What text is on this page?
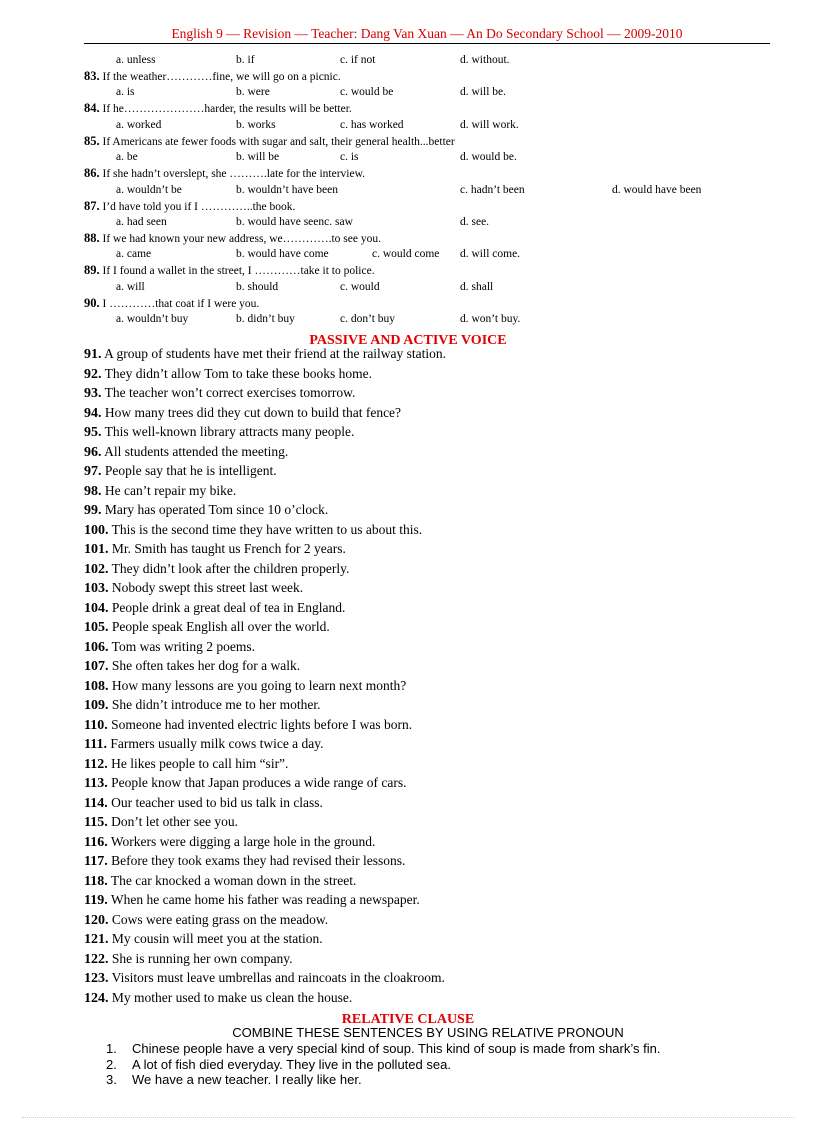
English 9 — Revision — Teacher: Dang Van Xuan — An Do Secondary School — 2009-2010
a. unless	b. if	c. if not	d. without.
83. If the weather…………fine, we will go on a picnic.
a. is	b. were	c. would be	d. will be.
84. If he…………………harder, the results will be better.
a. worked	b. works	c. has worked	d. will work.
85. If Americans ate fewer foods with sugar and salt, their general health...better
a. be	b. will be	c. is	d. would be.
86. If she hadn’t overslept, she ……….late for the interview.
a. wouldn’t be	b. wouldn’t have been	c. hadn’t been	d. would have been
87. I’d have told you if I …………..the book.
a. had seen	b. would have seenc. saw	d. see.
88. If we had known your new address, we………….to see you.
a. came	b. would have come	c. would come d. will come.
89. If I found a wallet in the street, I …………take it to police.
a. will	b. should	c. would	d. shall
90. I …………that coat if I were you.
a. wouldn’t buy	b. didn’t buy	c. don’t buy	d. won’t buy.
PASSIVE AND ACTIVE VOICE
91. A group of students have met their friend at the railway station.
92. They didn’t allow Tom to take these books home.
93. The teacher won’t correct exercises tomorrow.
94. How many trees did they cut down to build that fence?
95. This well-known library attracts many people.
96. All students attended the meeting.
97. People say that he is intelligent.
98. He can’t repair my bike.
99. Mary has operated Tom since 10 o’clock.
100. This is the second time they have written to us about this.
101. Mr. Smith has taught us French for 2 years.
102. They didn’t look after the children properly.
103. Nobody swept this street last week.
104. People drink a great deal of tea in England.
105. People speak English all over the world.
106. Tom was writing 2 poems.
107. She often takes her dog for a walk.
108. How many lessons are you going to learn next month?
109. She didn’t introduce me to her mother.
110. Someone had invented electric lights before I was born.
111. Farmers usually milk cows twice a day.
112. He likes people to call him “sir”.
113. People know that Japan produces a wide range of cars.
114. Our teacher used to bid us talk in class.
115. Don’t let other see you.
116. Workers were digging a large hole in the ground.
117. Before they took exams they had revised their lessons.
118. The car knocked a woman down in the street.
119. When he came home his father was reading a newspaper.
120. Cows were eating grass on the meadow.
121. My cousin will meet you at the station.
122. She is running her own company.
123. Visitors must leave umbrellas and raincoats in the cloakroom.
124. My mother used to make us clean the house.
RELATIVE CLAUSE
COMBINE THESE SENTENCES BY USING RELATIVE PRONOUN
1. Chinese people have a very special kind of soup. This kind of soup is made from shark’s fin.
2. A lot of fish died everyday. They live in the polluted sea.
3. We have a new teacher. I really like her.
